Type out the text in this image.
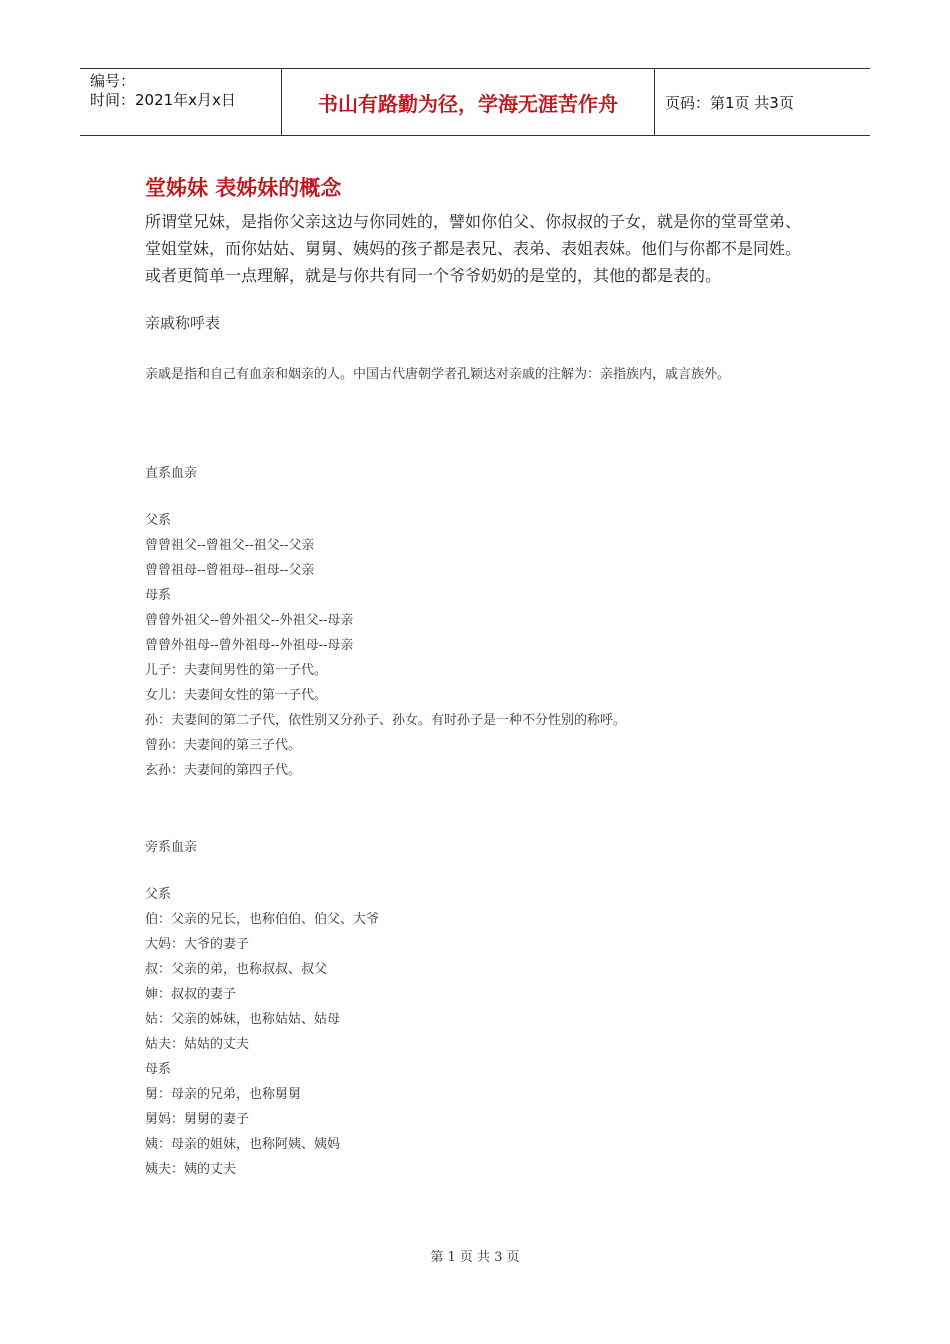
编号：
时间：2021年x月x日	书山有路勤为径，学海无涯苦作舟	页码：第1页 共3页
堂姊妹 表姊妹的概念

所谓堂兄妹，是指你父亲这边与你同姓的，譬如你伯父、你叔叔的子女，就是你的堂哥堂弟、堂姐堂妹，而你姑姑、舅舅、姨妈的孩子都是表兄、表弟、表姐表妹。他们与你都不是同姓。或者更简单一点理解，就是与你共有同一个爷爷奶奶的是堂的，其他的都是表的。

亲戚称呼表

亲戚是指和自己有血亲和姻亲的人。中国古代唐朝学者孔颖达对亲戚的注解为：亲指族内，戚言族外。

直系血亲

父系
曾曾祖父--曾祖父--祖父--父亲
曾曾祖母--曾祖母--祖母--父亲
母系
曾曾外祖父--曾外祖父--外祖父--母亲
曾曾外祖母--曾外祖母--外祖母--母亲
儿子：夫妻间男性的第一子代。
女儿：夫妻间女性的第一子代。
孙：夫妻间的第二子代，依性别又分孙子、孙女。有时孙子是一种不分性别的称呼。
曾孙：夫妻间的第三子代。
玄孙：夫妻间的第四子代。

旁系血亲

父系
伯：父亲的兄长，也称伯伯、伯父、大爷
大妈：大爷的妻子
叔：父亲的弟，也称叔叔、叔父
婶：叔叔的妻子
姑：父亲的姊妹，也称姑姑、姑母
姑夫：姑姑的丈夫
母系
舅：母亲的兄弟，也称舅舅
舅妈：舅舅的妻子
姨：母亲的姐妹，也称阿姨、姨妈
姨夫：姨的丈夫

第 1 页 共 3 页
